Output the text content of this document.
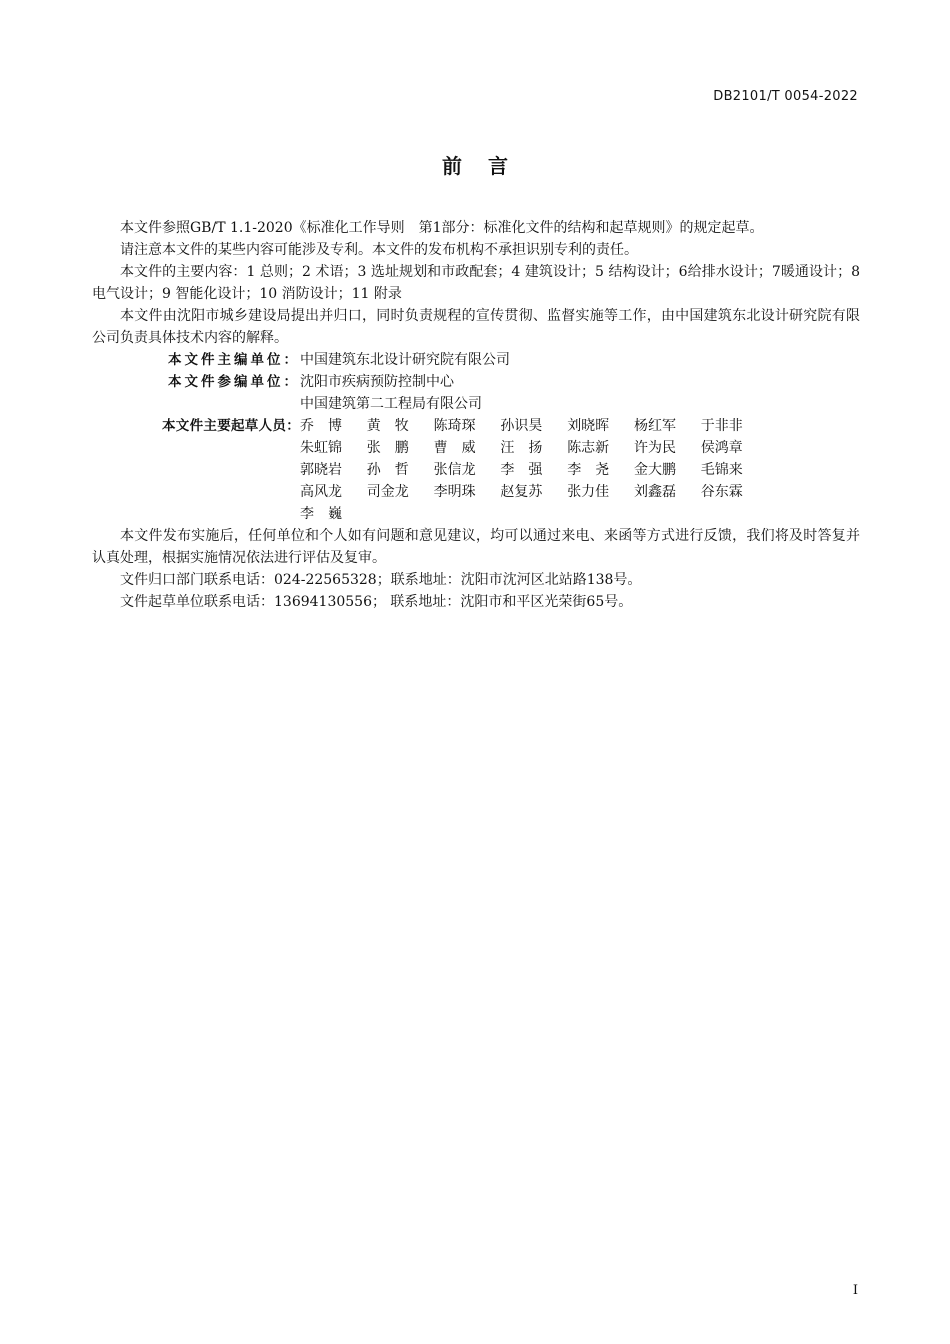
DB2101/T 0054-2022
前言

本文件参照GB/T 1.1-2020《标准化工作导则　第1部分：标准化文件的结构和起草规则》的规定起草。

请注意本文件的某些内容可能涉及专利。本文件的发布机构不承担识别专利的责任。

本文件的主要内容：1 总则；2 术语；3 选址规划和市政配套；4 建筑设计；5 结构设计；6给排水设计；7暖通设计；8 电气设计；9 智能化设计；10 消防设计；11 附录

本文件由沈阳市城乡建设局提出并归口，同时负责规程的宣传贯彻、监督实施等工作，由中国建筑东北设计研究院有限公司负责具体技术内容的解释。

本文件主编单位： 中国建筑东北设计研究院有限公司
本文件参编单位： 沈阳市疾病预防控制中心
中国建筑第二工程局有限公司
本文件主要起草人员： 乔　博	黄　牧	陈琦琛	孙识昊	刘晓晖	杨红军	于非非
朱虹锦	张　鹏	曹　威	汪　扬	陈志新	许为民	侯鸿章
郭晓岩	孙　哲	张信龙	李　强	李　尧	金大鹏	毛锦来
高风龙	司金龙	李明珠	赵复苏	张力佳	刘鑫磊	谷东霖
李　巍

本文件发布实施后，任何单位和个人如有问题和意见建议，均可以通过来电、来函等方式进行反馈，我们将及时答复并认真处理，根据实施情况依法进行评估及复审。

文件归口部门联系电话：024-22565328；联系地址：沈阳市沈河区北站路138号。

文件起草单位联系电话：13694130556； 联系地址：沈阳市和平区光荣街65号。

I
